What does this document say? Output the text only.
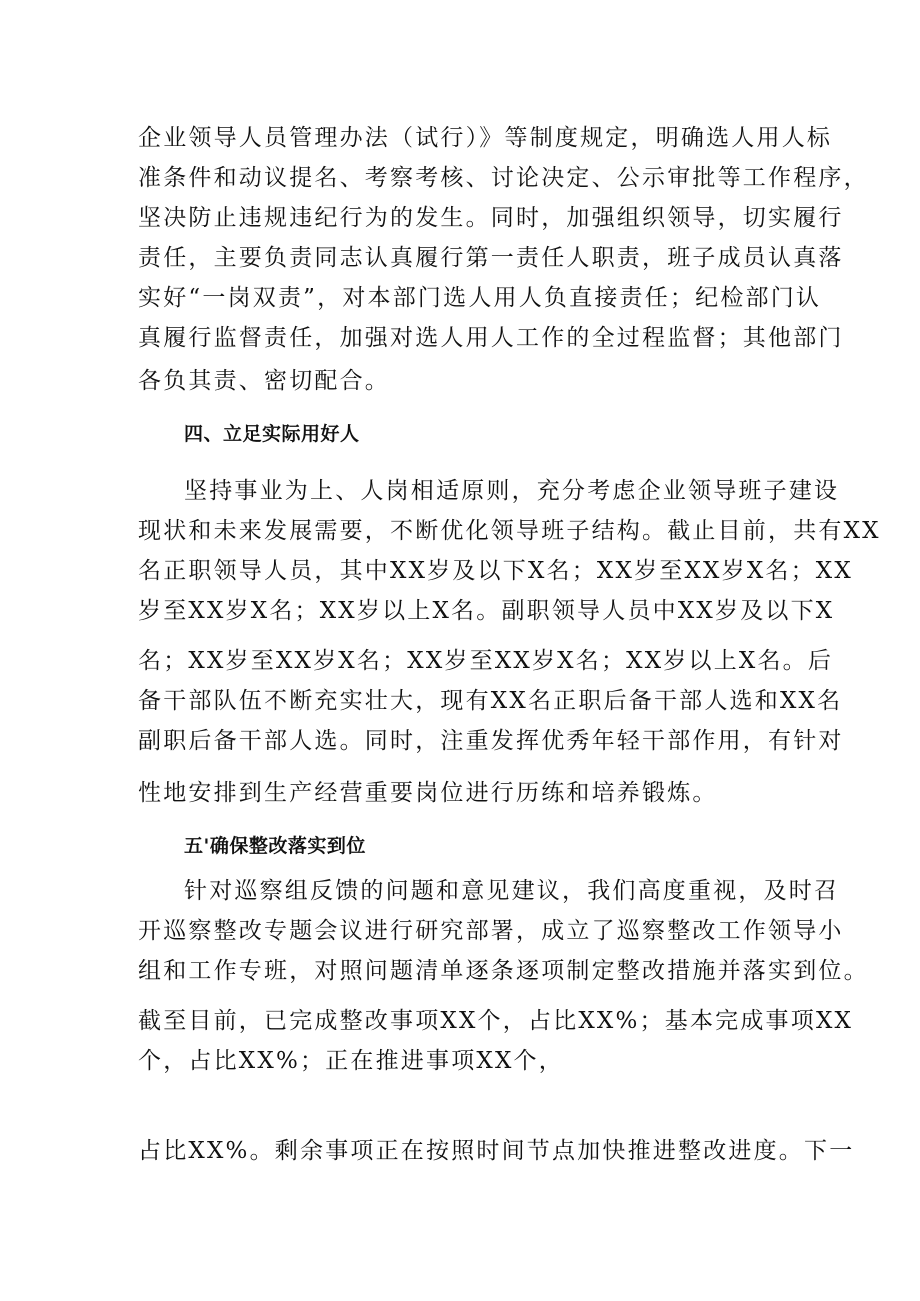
企业领导人员管理办法（试行）》等制度规定，明确选人用人标
准条件和动议提名、考察考核、讨论决定、公示审批等工作程序，
坚决防止违规违纪行为的发生。同时，加强组织领导，切实履行
责任，主要负责同志认真履行第一责任人职责，班子成员认真落
实好“一岗双责”，对本部门选人用人负直接责任；纪检部门认
真履行监督责任，加强对选人用人工作的全过程监督；其他部门
各负其责、密切配合。
四、立足实际用好人
坚持事业为上、人岗相适原则，充分考虑企业领导班子建设
现状和未来发展需要，不断优化领导班子结构。截止目前，共有XX
名正职领导人员，其中XX岁及以下X名；XX岁至XX岁X名；XX
岁至XX岁X名；XX岁以上X名。副职领导人员中XX岁及以下X
名；XX岁至XX岁X名；XX岁至XX岁X名；XX岁以上X名。后
备干部队伍不断充实壮大，现有XX名正职后备干部人选和XX名
副职后备干部人选。同时，注重发挥优秀年轻干部作用，有针对
性地安排到生产经营重要岗位进行历练和培养锻炼。
五'确保整改落实到位
针对巡察组反馈的问题和意见建议，我们高度重视，及时召
开巡察整改专题会议进行研究部署，成立了巡察整改工作领导小
组和工作专班，对照问题清单逐条逐项制定整改措施并落实到位。
截至目前，已完成整改事项XX个，占比XX%；基本完成事项XX
个，占比XX%；正在推进事项XX个，
占比XX%。剩余事项正在按照时间节点加快推进整改进度。下一
